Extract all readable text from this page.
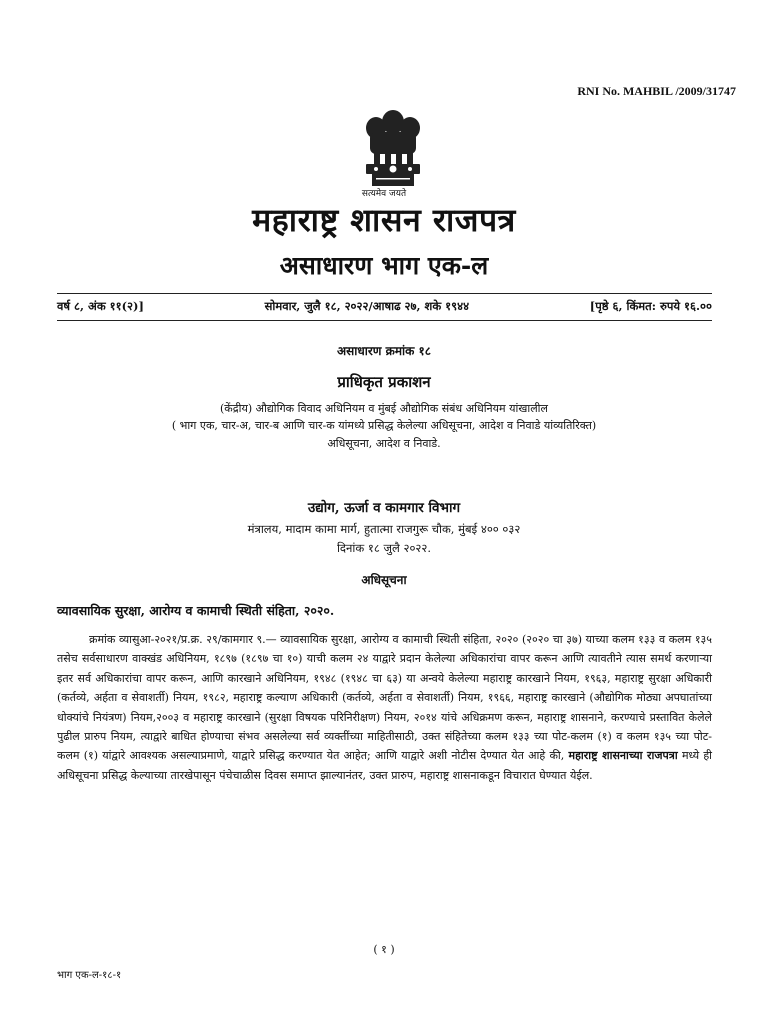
RNI No. MAHBIL /2009/31747
सत्यमेव जयते
महाराष्ट्र शासन राजपत्र
असाधारण भाग एक-ल
वर्ष ८, अंक ११(२)]	सोमवार, जुलै १८, २०२२/आषाढ २७, शके १९४४	[पृष्ठे ६, किंमत: रुपये १६.००
असाधारण क्रमांक १८
प्राधिकृत प्रकाशन
(केंद्रीय) औद्योगिक विवाद अधिनियम व मुंबई औद्योगिक संबंध अधिनियम यांखालील
( भाग एक, चार-अ, चार-ब आणि चार-क यांमध्ये प्रसिद्ध केलेल्या अधिसूचना, आदेश व निवाडे यांव्यतिरिक्त)
अधिसूचना, आदेश व निवाडे.
उद्योग, ऊर्जा व कामगार विभाग
मंत्रालय, मादाम कामा मार्ग, हुतात्मा राजगुरू चौक, मुंबई ४०० ०३२
दिनांक १८ जुलै २०२२.
अधिसूचना
व्यावसायिक सुरक्षा, आरोग्य व कामाची स्थिती संहिता, २०२०.
क्रमांक व्यासुआ-२०२१/प्र.क्र. २९/कामगार ९.— व्यावसायिक सुरक्षा, आरोग्य व कामाची स्थिती संहिता, २०२० (२०२० चा ३७) याच्या कलम १३३ व कलम १३५ तसेच सर्वसाधारण वाक्खंड अधिनियम, १८९७ (१८९७ चा १०) याची कलम २४ याद्वारे प्रदान केलेल्या अधिकारांचा वापर करून आणि त्यावतीने त्यास समर्थ करणाऱ्या इतर सर्व अधिकारांचा वापर करून, आणि कारखाने अधिनियम, १९४८ (१९४८ चा ६३) या अन्वये केलेल्या महाराष्ट्र कारखाने नियम, १९६३, महाराष्ट्र सुरक्षा अधिकारी (कर्तव्ये, अर्हता व सेवाशर्ती) नियम, १९८२, महाराष्ट्र कल्याण अधिकारी (कर्तव्ये, अर्हता व सेवाशर्ती) नियम, १९६६, महाराष्ट्र कारखाने (औद्योगिक मोठ्या अपघातांच्या धोक्यांचे नियंत्रण) नियम,२००३ व महाराष्ट्र कारखाने (सुरक्षा विषयक परिनिरीक्षण) नियम, २०१४ यांचे अधिक्रमण करून, महाराष्ट्र शासनाने, करण्याचे प्रस्तावित केलेले पुढील प्रारुप नियम, त्याद्वारे बाधित होण्याचा संभव असलेल्या सर्व व्यक्तींच्या माहितीसाठी, उक्त संहितेच्या कलम १३३ च्या पोट-कलम (१) व कलम १३५ च्या पोट-कलम (१) यांद्वारे आवश्यक असल्याप्रमाणे, याद्वारे प्रसिद्ध करण्यात येत आहेत; आणि याद्वारे अशी नोटीस देण्यात येत आहे की, महाराष्ट्र शासनाच्या राजपत्रा मध्ये ही अधिसूचना प्रसिद्ध केल्याच्या तारखेपासून पंचेचाळीस दिवस समाप्त झाल्यानंतर, उक्त प्रारुप, महाराष्ट्र शासनाकडून विचारात घेण्यात येईल.
( १ )
भाग एक-ल-१८-१
